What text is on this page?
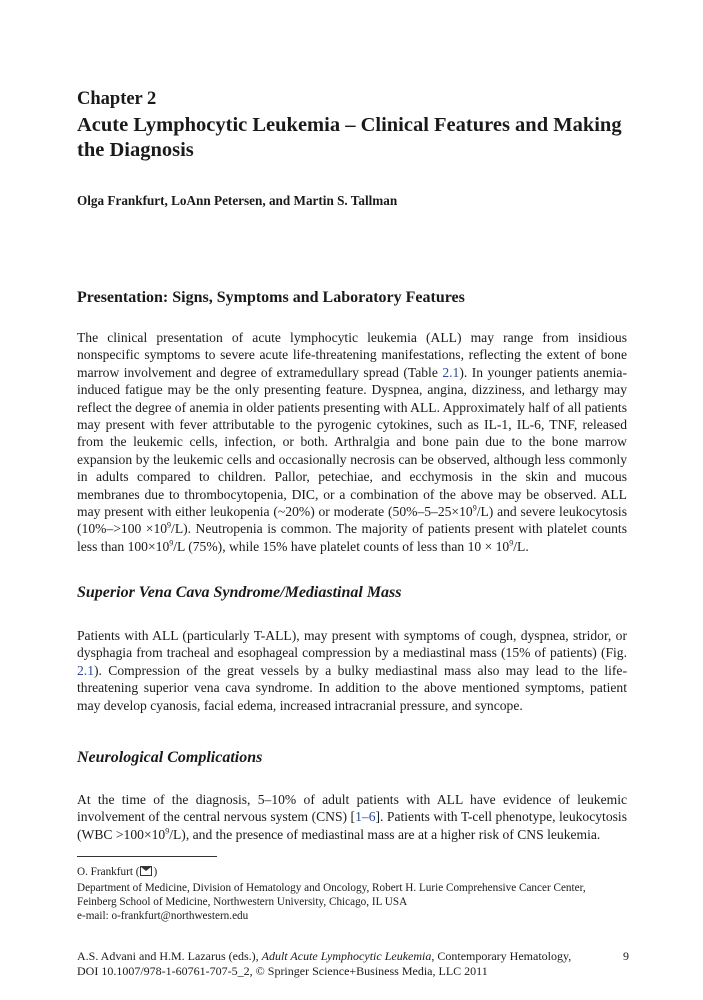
Chapter 2
Acute Lymphocytic Leukemia – Clinical Features and Making the Diagnosis
Olga Frankfurt, LoAnn Petersen, and Martin S. Tallman
Presentation: Signs, Symptoms and Laboratory Features

The clinical presentation of acute lymphocytic leukemia (ALL) may range from insidious nonspecific symptoms to severe acute life-threatening manifestations, reflecting the extent of bone marrow involvement and degree of extramedullary spread (Table 2.1). In younger patients anemia-induced fatigue may be the only presenting feature. Dyspnea, angina, dizziness, and lethargy may reflect the degree of anemia in older patients presenting with ALL. Approximately half of all patients may present with fever attributable to the pyrogenic cytokines, such as IL-1, IL-6, TNF, released from the leukemic cells, infection, or both. Arthralgia and bone pain due to the bone marrow expansion by the leukemic cells and occasionally necrosis can be observed, although less commonly in adults compared to children. Pallor, petechiae, and ecchymosis in the skin and mucous membranes due to thrombocytopenia, DIC, or a combination of the above may be observed. ALL may present with either leukopenia (~20%) or moderate $(50\%-5-25\times 10^9/L)$ and severe leukocytosis $(10\%->100 \times 10^9/L)$. Neutropenia is common. The majority of patients present with platelet counts less than $100\times 10^9/L$ (75%), while 15% have platelet counts of less than $10 \times 10^9/L$.

Superior Vena Cava Syndrome/Mediastinal Mass

Patients with ALL (particularly T-ALL), may present with symptoms of cough, dyspnea, stridor, or dysphagia from tracheal and esophageal compression by a mediastinal mass (15% of patients) (Fig. 2.1). Compression of the great vessels by a bulky mediastinal mass also may lead to the life-threatening superior vena cava syndrome. In addition to the above mentioned symptoms, patient may develop cyanosis, facial edema, increased intracranial pressure, and syncope.

Neurological Complications

At the time of the diagnosis, 5–10% of adult patients with ALL have evidence of leukemic involvement of the central nervous system (CNS) [1–6]. Patients with T-cell phenotype, leukocytosis $(WBC >100\times 10^9/L)$, and the presence of mediastinal mass are at a higher risk of CNS leukemia.

O. Frankfurt ( )
Department of Medicine, Division of Hematology and Oncology, Robert H. Lurie Comprehensive Cancer Center,
Feinberg School of Medicine, Northwestern University, Chicago, IL USA
e-mail: o-frankfurt@northwestern.edu
A.S. Advani and H.M. Lazarus (eds.), Adult Acute Lymphocytic Leukemia, Contemporary Hematology,
DOI 10.1007/978-1-60761-707-5_2, © Springer Science+Business Media, LLC 2011
9
